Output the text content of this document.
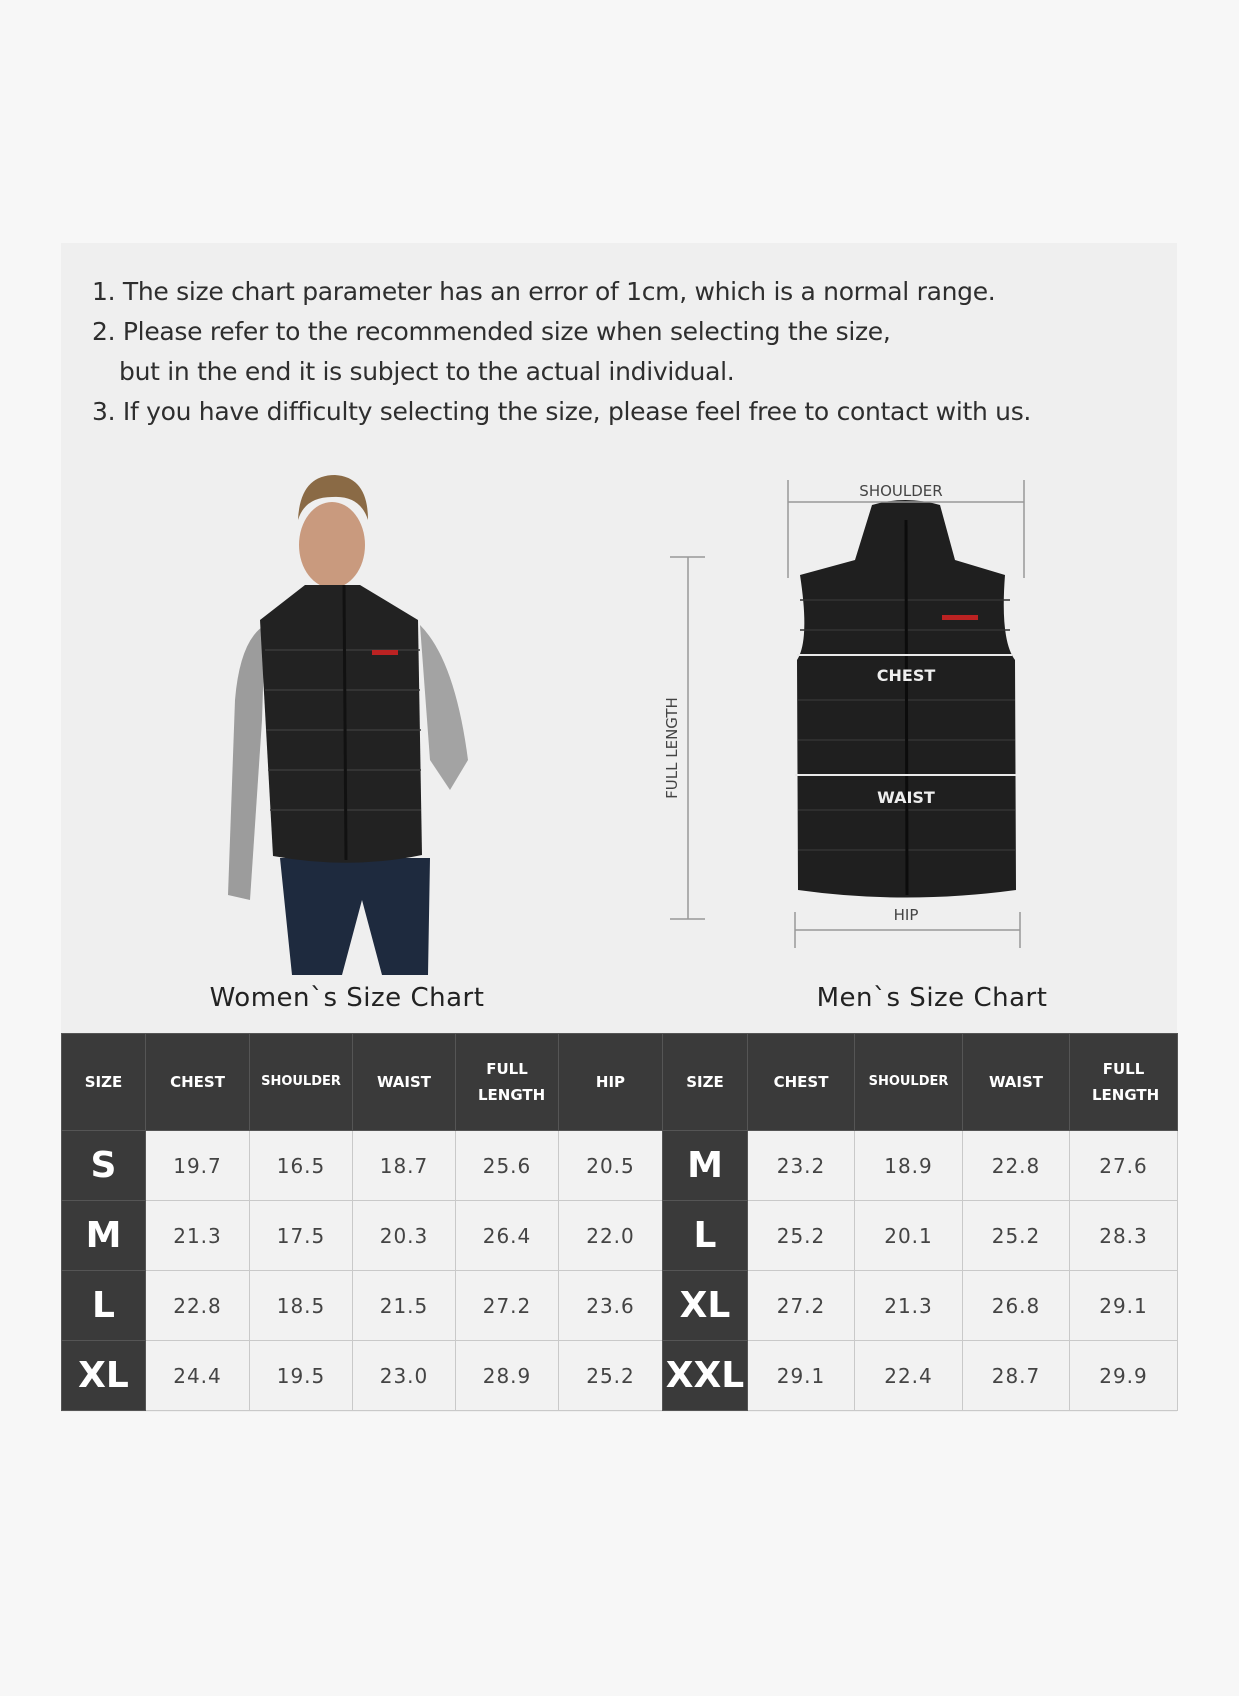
1. The size chart parameter has an error of 1cm, which is a normal range.
2. Please refer to the recommended size when selecting the size,
but in the end it is subject to the actual individual.
3. If you have difficulty selecting the size, please feel free to contact with us.
SHOULDER
CHEST
WAIST
HIP
FULL LENGTH
Women`s Size Chart	Men`s Size Chart
SIZE	CHEST	SHOULDER	WAIST	FULL LENGTH	HIP
S	19.7	16.5	18.7	25.6	20.5
M	21.3	17.5	20.3	26.4	22.0
L	22.8	18.5	21.5	27.2	23.6
XL	24.4	19.5	23.0	28.9	25.2
SIZE	CHEST	SHOULDER	WAIST	FULL LENGTH
M	23.2	18.9	22.8	27.6
L	25.2	20.1	25.2	28.3
XL	27.2	21.3	26.8	29.1
XXL	29.1	22.4	28.7	29.9
